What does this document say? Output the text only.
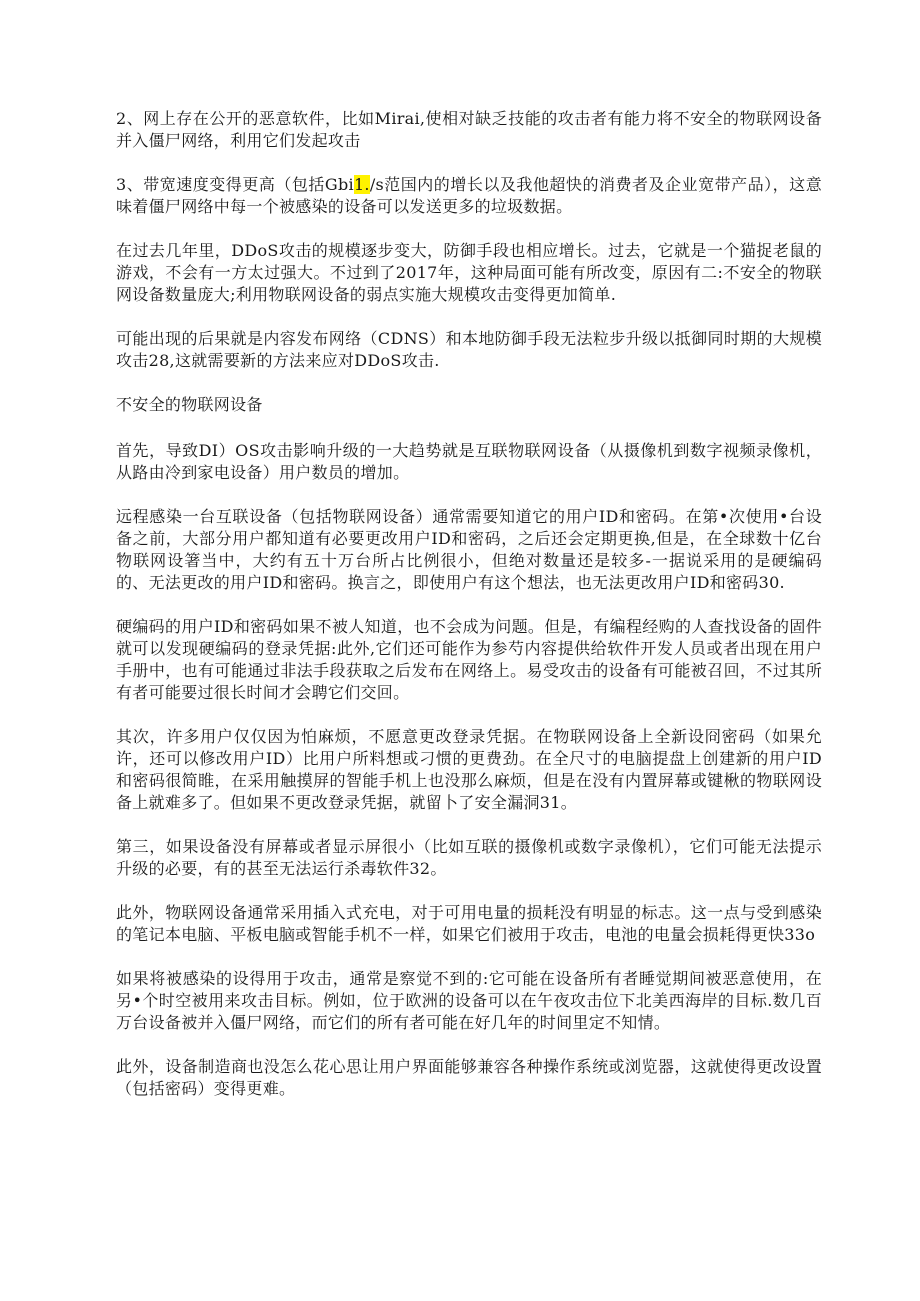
2、网上存在公开的恶意软件，比如Mirai,使相对缺乏技能的攻击者有能力将不安全的物联网设备并入僵尸网络，利用它们发起攻击

3、带宽速度变得更高（包括Gbi1./s范国内的增长以及我他超快的消费者及企业宽带产品），这意味着僵尸网络中每一个被感染的设备可以发送更多的垃圾数据。

在过去几年里，DDoS攻击的规模逐步变大，防御手段也相应增长。过去，它就是一个猫捉老鼠的游戏，不会有一方太过强大。不过到了2017年，这种局面可能有所改变，原因有二:不安全的物联网设备数量庞大;利用物联网设备的弱点实施大规模攻击变得更加简单.

可能出现的后果就是内容发布网络（CDNS）和本地防御手段无法粒步升级以抵御同时期的大规模攻击28,这就需要新的方法来应对DDoS攻击.

不安全的物联网设备

首先，导致DI）OS攻击影响升级的一大趋势就是互联物联网设备（从摄像机到数字视频录像机，从路由冷到家电设备）用户数员的增加。

远程感染一台互联设备（包括物联网设备）通常需要知道它的用户ID和密码。在第•次使用•台设备之前，大部分用户都知道有必要更改用户ID和密码，之后还会定期更换,但是，在全球数十亿台物联网设箸当中，大约有五十万台所占比例很小，但绝对数量还是较多-一据说采用的是硬编码的、无法更改的用户ID和密码。换言之，即使用户有这个想法，也无法更改用户ID和密码30.

硬编码的用户ID和密码如果不被人知道，也不会成为问题。但是，有编程经购的人查找设备的固件就可以发现硬编码的登录凭据:此外,它们还可能作为参芍内容提供给软件开发人员或者出现在用户手册中，也有可能通过非法手段获取之后发布在网络上。易受攻击的设备有可能被召回，不过其所有者可能要过很长时间才会聘它们交回。

其次，许多用户仅仅因为怕麻烦，不愿意更改登录凭据。在物联网设备上全新设冏密码（如果允许，还可以修改用户ID）比用户所料想或刁惯的更费劲。在全尺寸的电脑提盘上创建新的用户ID和密码很简睢，在采用触摸屏的智能手机上也没那么麻烦，但是在没有内置屏幕或键楸的物联网设备上就难多了。但如果不更改登录凭据，就留卜了安全漏洞31。

第三，如果设备没有屏幕或者显示屏很小（比如互联的摄像机或数字录像机），它们可能无法提示升级的必要，有的甚至无法运行杀毒软件32。

此外，物联网设备通常采用插入式充电，对于可用电量的损耗没有明显的标志。这一点与受到感染的笔记本电脑、平板电脑或智能手机不一样，如果它们被用于攻击，电池的电量会损耗得更快33o

如果将被感染的设得用于攻击，通常是察觉不到的:它可能在设备所有者睡觉期间被恶意使用，在另•个时空被用来攻击目标。例如，位于欧洲的设备可以在午夜攻击位下北美西海岸的目标.数几百万台设备被并入僵尸网络，而它们的所有者可能在好几年的时间里定不知情。

此外，设备制造商也没怎么花心思让用户界面能够兼容各种操作系统或浏览器，这就使得更改设置（包括密码）变得更难。
